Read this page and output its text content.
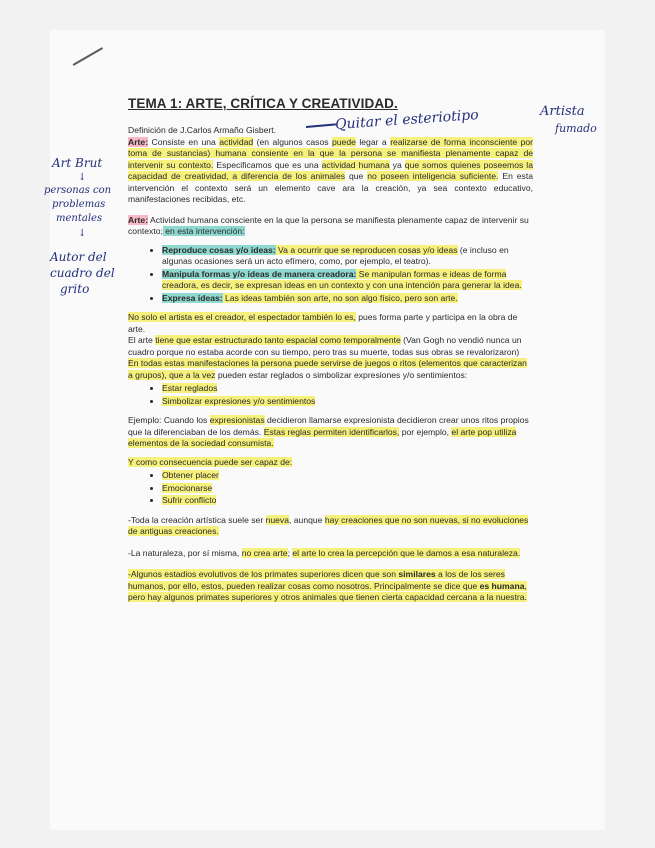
Quitar el esteriotipo	Artista
fumado
Art Brut
↓
personas con
problemas
mentales
↓
Autor del
cuadro del
grito
TEMA 1: ARTE, CRÍTICA Y CREATIVIDAD.
Definición de J.Carlos Armaño Gisbert.

Arte: Consiste en una actividad (en algunos casos puede legar a realizarse de forma inconsciente por toma de sustancias) humana consiente en la que la persona se manifiesta plenamente capaz de intervenir su contexto. Especificamos que es una actividad humana ya que somos quienes poseemos la capacidad de creatividad, a diferencia de los animales que no poseen inteligencia suficiente. En esta intervención el contexto será un elemento cave ara la creación, ya sea contexto educativo, manifestaciones recibidas, etc.

Arte: Actividad humana consciente en la que la persona se manifiesta plenamente capaz de intervenir su contexto; en esta intervención:

• Reproduce cosas y/o ideas: Va a ocurrir que se reproducen cosas y/o ideas (e incluso en algunas ocasiones será un acto efímero, como, por ejemplo, el teatro).
• Manipula formas y/o ideas de manera creadora: Se manipulan formas e ideas de forma creadora, es decir, se expresan ideas en un contexto y con una intención para generar la idea.
• Expresa ideas: Las ideas también son arte, no son algo físico, pero son arte.

No solo el artista es el creador, el espectador también lo es, pues forma parte y participa en la obra de arte.

El arte tiene que estar estructurado tanto espacial como temporalmente (Van Gogh no vendió nunca un cuadro porque no estaba acorde con su tiempo, pero tras su muerte, todas sus obras se revalorizaron)

En todas estas manifestaciones la persona puede servirse de juegos o ritos (elementos que caracterizan a grupos), que a la vez pueden estar reglados o simbolizar expresiones y/o sentimientos:

• Estar reglados
• Simbolizar expresiones y/o sentimientos

Ejemplo: Cuando los expresionistas decidieron llamarse expresionista decidieron crear unos ritos propios que la diferenciaban de los demás. Estas reglas permiten identificarlos, por ejemplo, el arte pop utiliza elementos de la sociedad consumista.

Y como consecuencia puede ser capaz de:

• Obtener placer
• Emocionarse
• Sufrir conflicto

-Toda la creación artística suele ser nueva, aunque hay creaciones que no son nuevas, si no evoluciones de antiguas creaciones.

-La naturaleza, por sí misma, no crea arte; el arte lo crea la percepción que le damos a esa naturaleza.

-Algunos estadios evolutivos de los primates superiores dicen que son similares a los de los seres humanos, por ello, estos, pueden realizar cosas como nosotros. Principalmente se dice que es humana, pero hay algunos primates superiores y otros animales que tienen cierta capacidad cercana a la nuestra.
